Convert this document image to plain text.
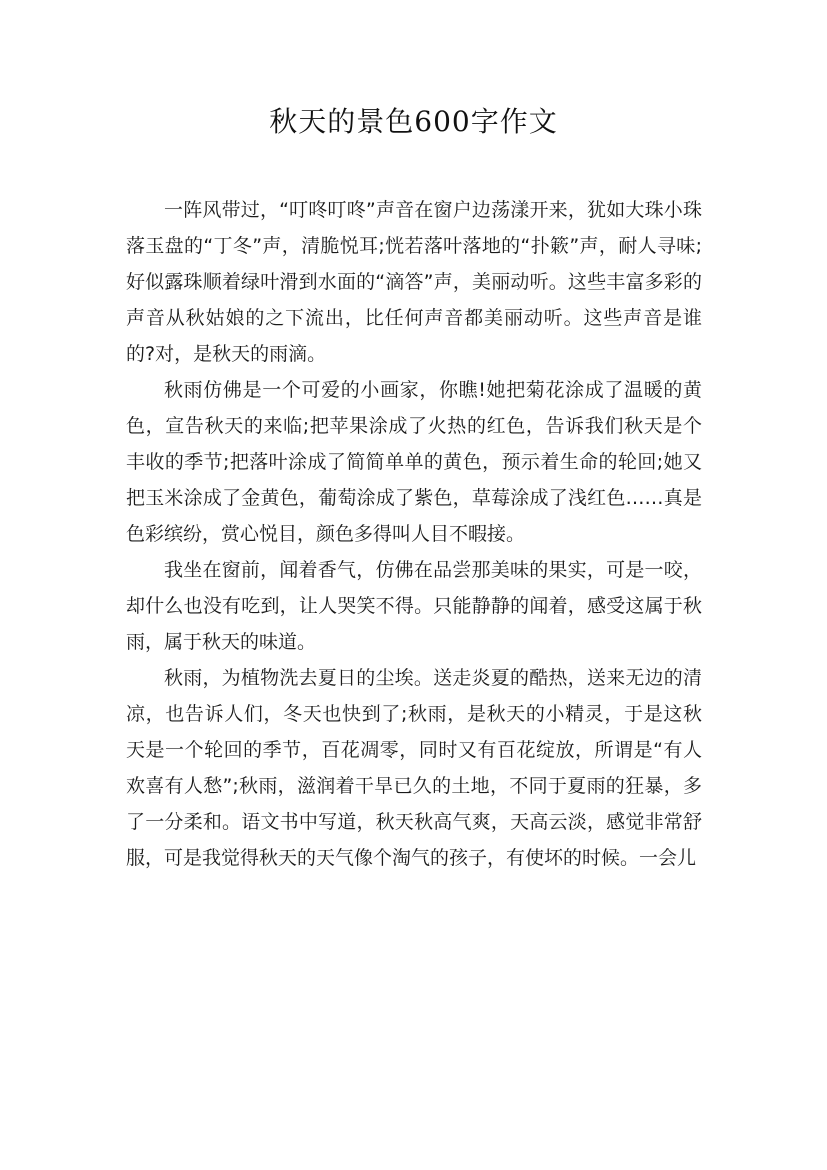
秋天的景色600字作文

一阵风带过，“叮咚叮咚”声音在窗户边荡漾开来，犹如大珠小珠落玉盘的“丁冬”声，清脆悦耳;恍若落叶落地的“扑簌”声，耐人寻味;好似露珠顺着绿叶滑到水面的“滴答”声，美丽动听。这些丰富多彩的声音从秋姑娘的之下流出，比任何声音都美丽动听。这些声音是谁的?对，是秋天的雨滴。

秋雨仿佛是一个可爱的小画家，你瞧!她把菊花涂成了温暖的黄色，宣告秋天的来临;把苹果涂成了火热的红色，告诉我们秋天是个丰收的季节;把落叶涂成了简简单单的黄色，预示着生命的轮回;她又把玉米涂成了金黄色，葡萄涂成了紫色，草莓涂成了浅红色……真是色彩缤纷，赏心悦目，颜色多得叫人目不暇接。

我坐在窗前，闻着香气，仿佛在品尝那美味的果实，可是一咬，却什么也没有吃到，让人哭笑不得。只能静静的闻着，感受这属于秋雨，属于秋天的味道。

秋雨，为植物洗去夏日的尘埃。送走炎夏的酷热，送来无边的清凉，也告诉人们，冬天也快到了;秋雨，是秋天的小精灵，于是这秋天是一个轮回的季节，百花凋零，同时又有百花绽放，所谓是“有人欢喜有人愁”;秋雨，滋润着干旱已久的土地，不同于夏雨的狂暴，多了一分柔和。语文书中写道，秋天秋高气爽，天高云淡，感觉非常舒服，可是我觉得秋天的天气像个淘气的孩子，有使坏的时候。一会儿
